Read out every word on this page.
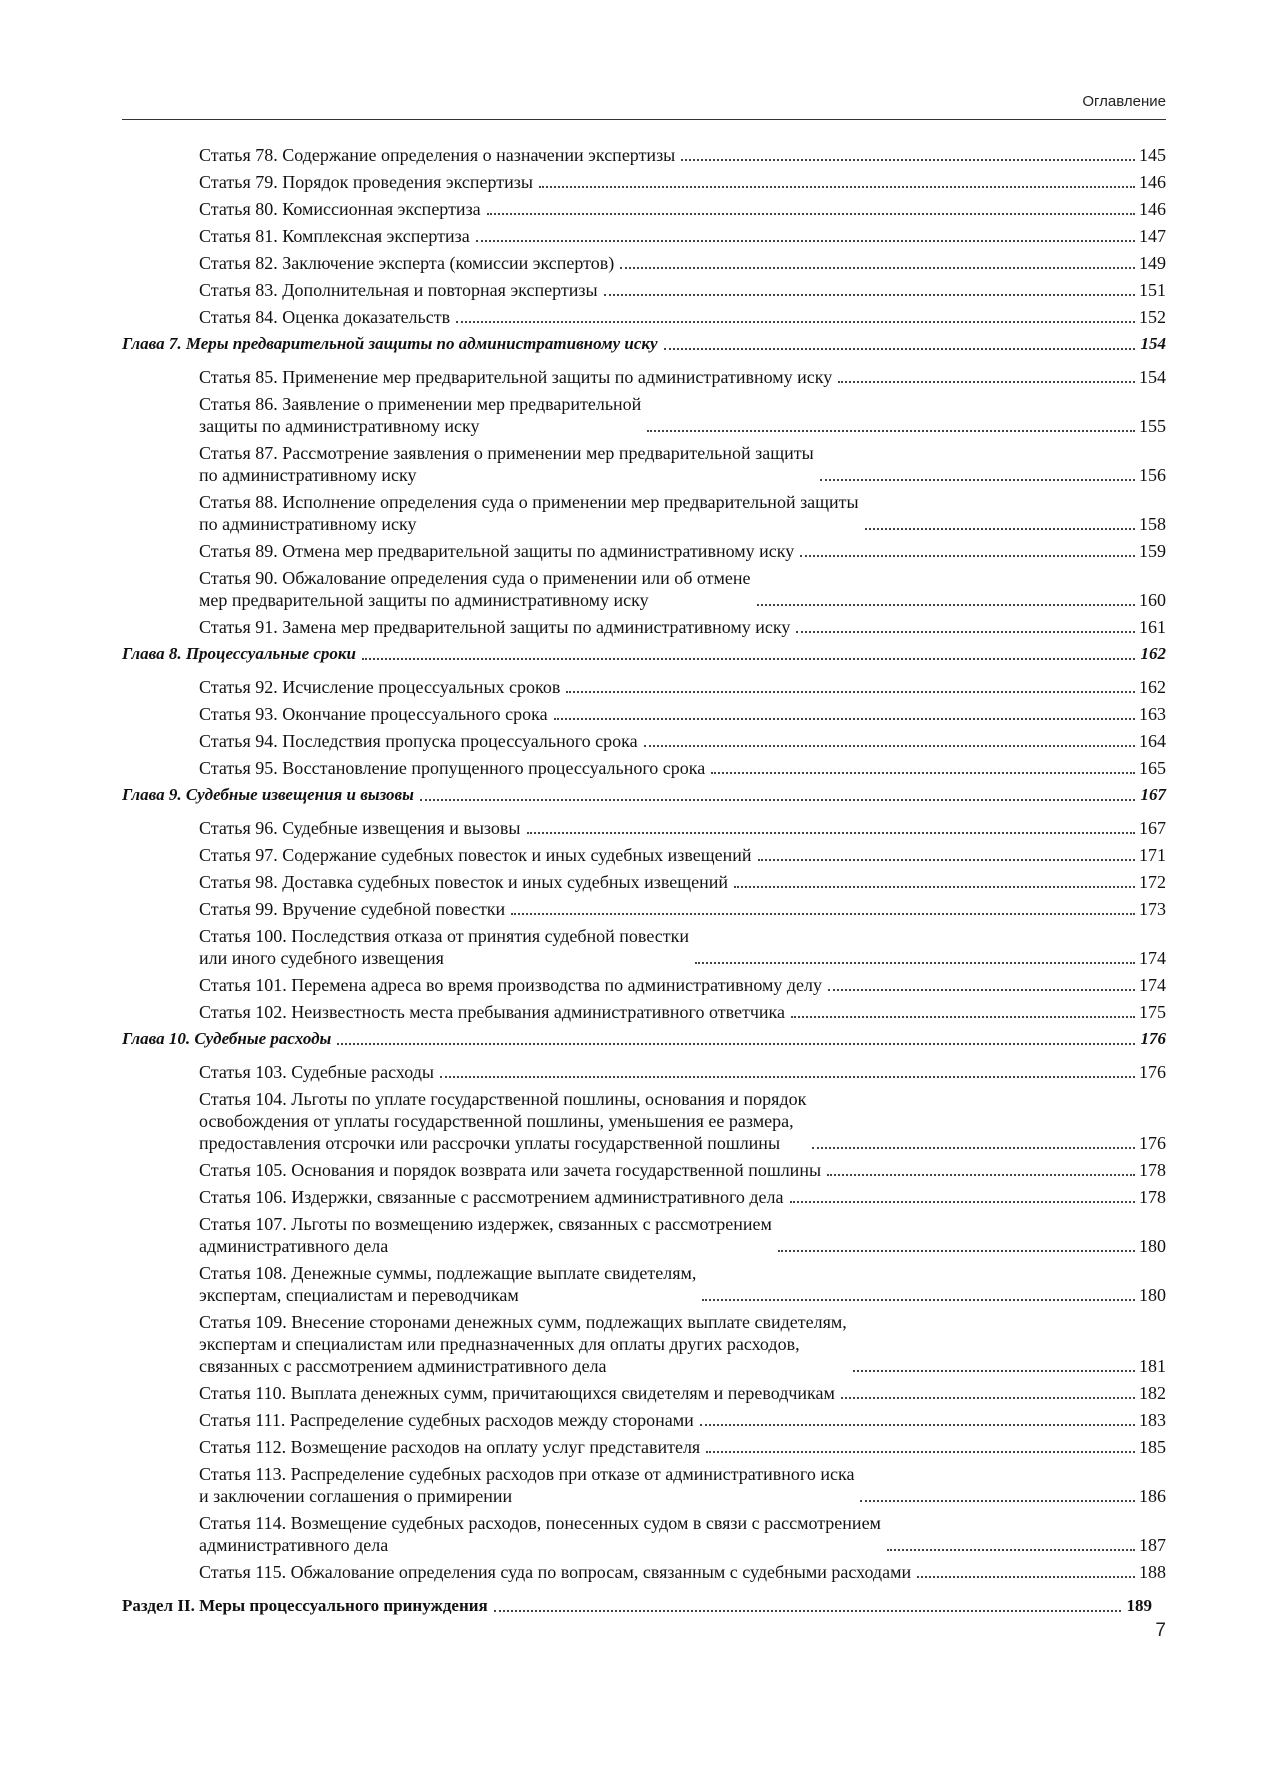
Оглавление
Статья 78. Содержание определения о назначении экспертизы	145
Статья 79. Порядок проведения экспертизы	146
Статья 80. Комиссионная экспертиза	146
Статья 81. Комплексная экспертиза	147
Статья 82. Заключение эксперта (комиссии экспертов)	149
Статья 83. Дополнительная и повторная экспертизы	151
Статья 84. Оценка доказательств	152
Глава 7. Меры предварительной защиты по административному иску	154
Статья 85. Применение мер предварительной защиты по административному иску	154
Статья 86. Заявление о применении мер предварительной
защиты по административному иску	155
Статья 87. Рассмотрение заявления о применении мер предварительной защиты
по административному иску	156
Статья 88. Исполнение определения суда о применении мер предварительной защиты
по административному иску	158
Статья 89. Отмена мер предварительной защиты по административному иску	159
Статья 90. Обжалование определения суда о применении или об отмене
мер предварительной защиты по административному иску	160
Статья 91. Замена мер предварительной защиты по административному иску	161
Глава 8. Процессуальные сроки	162
Статья 92. Исчисление процессуальных сроков	162
Статья 93. Окончание процессуального срока	163
Статья 94. Последствия пропуска процессуального срока	164
Статья 95. Восстановление пропущенного процессуального срока	165
Глава 9. Судебные извещения и вызовы	167
Статья 96. Судебные извещения и вызовы	167
Статья 97. Содержание судебных повесток и иных судебных извещений	171
Статья 98. Доставка судебных повесток и иных судебных извещений	172
Статья 99. Вручение судебной повестки	173
Статья 100. Последствия отказа от принятия судебной повестки
или иного судебного извещения	174
Статья 101. Перемена адреса во время производства по административному делу	174
Статья 102. Неизвестность места пребывания административного ответчика	175
Глава 10. Судебные расходы	176
Статья 103. Судебные расходы	176
Статья 104. Льготы по уплате государственной пошлины, основания и порядок
освобождения от уплаты государственной пошлины, уменьшения ее размера,
предоставления отсрочки или рассрочки уплаты государственной пошлины	176
Статья 105. Основания и порядок возврата или зачета государственной пошлины	178
Статья 106. Издержки, связанные с рассмотрением административного дела	178
Статья 107. Льготы по возмещению издержек, связанных с рассмотрением
административного дела	180
Статья 108. Денежные суммы, подлежащие выплате свидетелям,
экспертам, специалистам и переводчикам	180
Статья 109. Внесение сторонами денежных сумм, подлежащих выплате свидетелям,
экспертам и специалистам или предназначенных для оплаты других расходов,
связанных с рассмотрением административного дела	181
Статья 110. Выплата денежных сумм, причитающихся свидетелям и переводчикам	182
Статья 111. Распределение судебных расходов между сторонами	183
Статья 112. Возмещение расходов на оплату услуг представителя	185
Статья 113. Распределение судебных расходов при отказе от административного иска
и заключении соглашения о примирении	186
Статья 114. Возмещение судебных расходов, понесенных судом в связи с рассмотрением
административного дела	187
Статья 115. Обжалование определения суда по вопросам, связанным с судебными расходами	188
Раздел II. Меры процессуального принуждения	189
7
